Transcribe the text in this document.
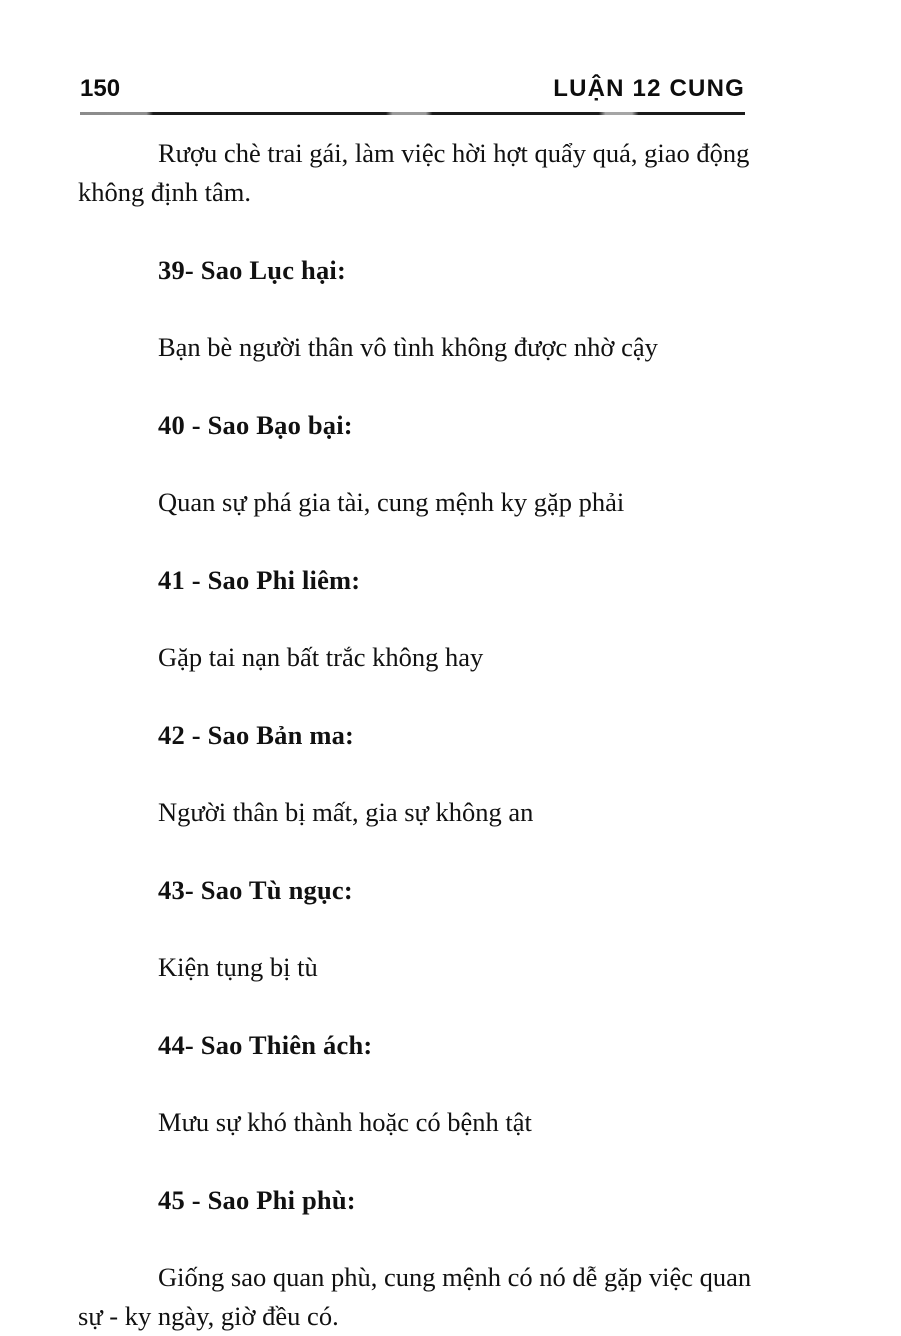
150	LUẬN 12 CUNG

Rượu chè trai gái, làm việc hời hợt quẩy quá, giao động không định tâm.

39- Sao Lục hại:

Bạn bè người thân vô tình không được nhờ cậy

40 - Sao Bạo bại:

Quan sự phá gia tài, cung mệnh ky gặp phải

41 - Sao Phi liêm:

Gặp tai nạn bất trắc không hay

42 - Sao Bản ma:

Người thân bị mất, gia sự không an

43- Sao Tù ngục:

Kiện tụng bị tù

44- Sao Thiên ách:

Mưu sự khó thành hoặc có bệnh tật

45 - Sao Phi phù:

Giống sao quan phù, cung mệnh có nó dễ gặp việc quan sự - ky ngày, giờ đều có.
